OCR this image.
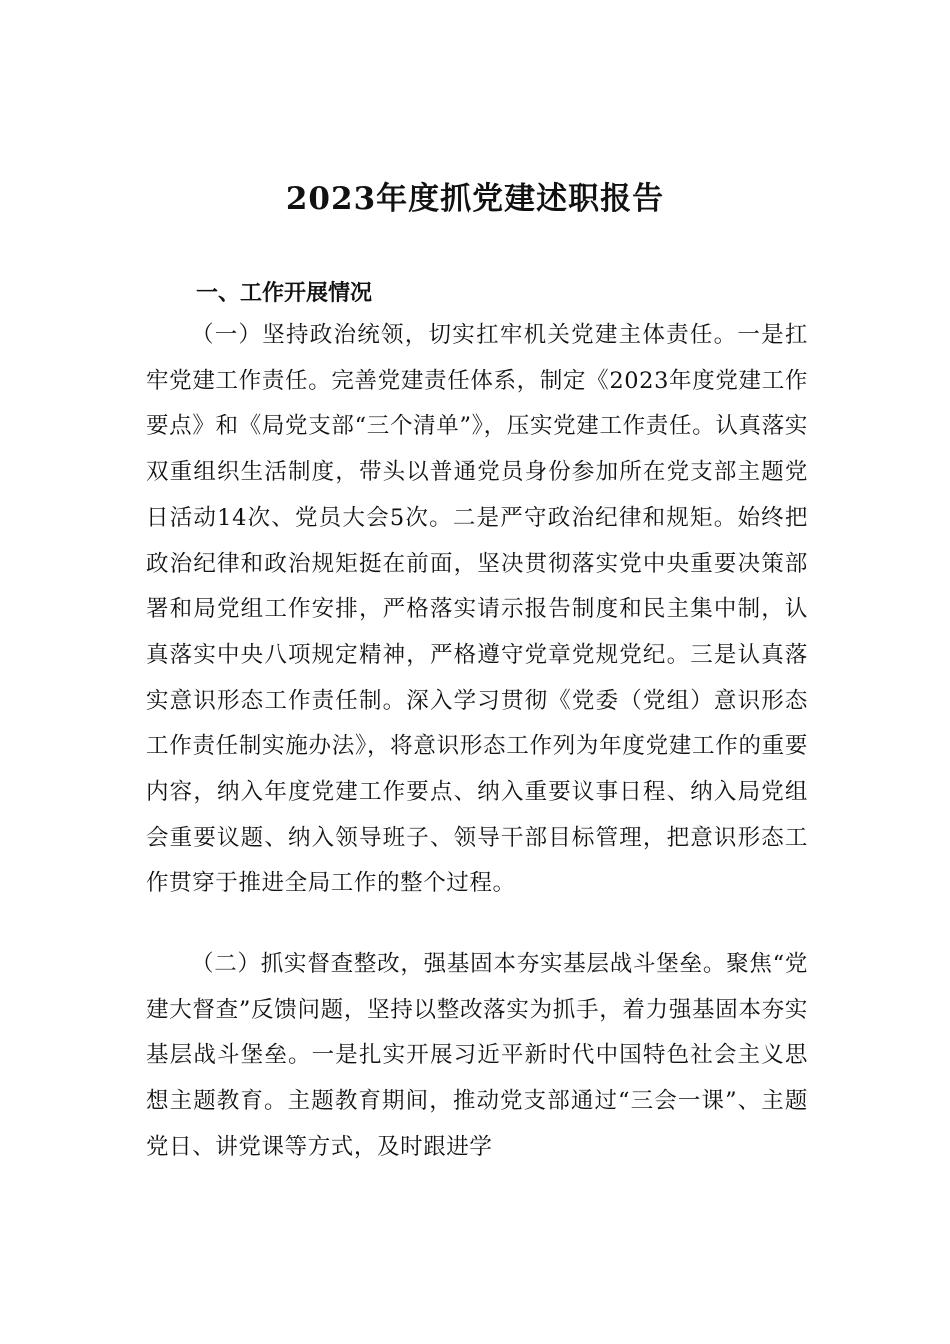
2023年度抓党建述职报告
一、工作开展情况

（一）坚持政治统领，切实扛牢机关党建主体责任。一是扛牢党建工作责任。完善党建责任体系，制定《2023年度党建工作要点》和《局党支部“三个清单”》，压实党建工作责任。认真落实双重组织生活制度，带头以普通党员身份参加所在党支部主题党日活动14次、党员大会5次。二是严守政治纪律和规矩。始终把政治纪律和政治规矩挺在前面，坚决贯彻落实党中央重要决策部署和局党组工作安排，严格落实请示报告制度和民主集中制，认真落实中央八项规定精神，严格遵守党章党规党纪。三是认真落实意识形态工作责任制。深入学习贯彻《党委（党组）意识形态工作责任制实施办法》，将意识形态工作列为年度党建工作的重要内容，纳入年度党建工作要点、纳入重要议事日程、纳入局党组会重要议题、纳入领导班子、领导干部目标管理，把意识形态工作贯穿于推进全局工作的整个过程。

（二）抓实督查整改，强基固本夯实基层战斗堡垒。聚焦“党建大督查”反馈问题，坚持以整改落实为抓手，着力强基固本夯实基层战斗堡垒。一是扎实开展习近平新时代中国特色社会主义思想主题教育。主题教育期间，推动党支部通过“三会一课”、主题党日、讲党课等方式，及时跟进学
